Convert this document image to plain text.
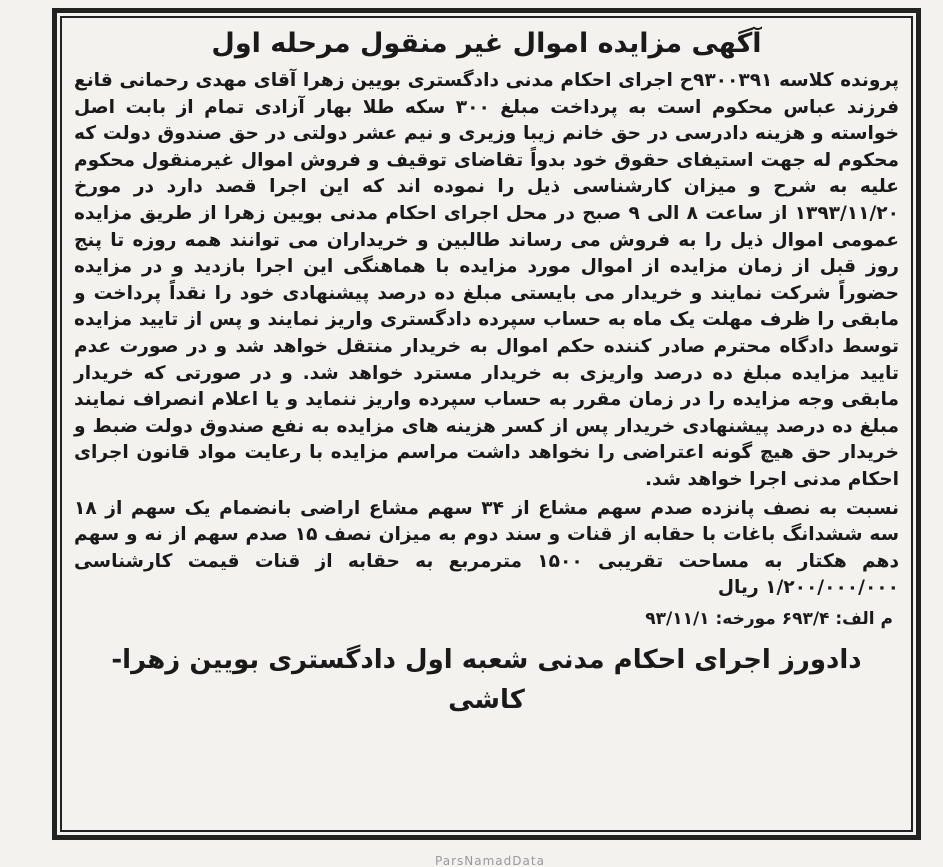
آگهی مزایده اموال غیر منقول مرحله اول

پرونده کلاسه ۹۳۰۰۳۹۱ح اجرای احکام مدنی دادگستری بویین زهرا آقای مهدی رحمانی قانع فرزند عباس محکوم است به پرداخت مبلغ ۳۰۰ سکه طلا بهار آزادی تمام از بابت اصل خواسته و هزینه دادرسی در حق خانم زیبا وزیری و نیم عشر دولتی در حق صندوق دولت که محکوم له جهت استیفای حقوق خود بدواً تقاضای توقیف و فروش اموال غیرمنقول محکوم علیه به شرح و میزان کارشناسی ذیل را نموده اند که این اجرا قصد دارد در مورخ ۱۳۹۳/۱۱/۲۰ از ساعت ۸ الی ۹ صبح در محل اجرای احکام مدنی بویین زهرا از طریق مزایده عمومی اموال ذیل را به فروش می رساند طالبین و خریداران می توانند همه روزه تا پنج روز قبل از زمان مزایده از اموال مورد مزایده با هماهنگی این اجرا بازدید و در مزایده حضوراً شرکت نمایند و خریدار می بایستی مبلغ ده درصد پیشنهادی خود را نقداً پرداخت و مابقی را ظرف مهلت یک ماه به حساب سپرده دادگستری واریز نمایند و پس از تایید مزایده توسط دادگاه محترم صادر کننده حکم اموال به خریدار منتقل خواهد شد و در صورت عدم تایید مزایده مبلغ ده درصد واریزی به خریدار مسترد خواهد شد. و در صورتی که خریدار مابقی وجه مزایده را در زمان مقرر به حساب سپرده واریز ننماید و یا اعلام انصراف نمایند مبلغ ده درصد پیشنهادی خریدار پس از کسر هزینه های مزایده به نفع صندوق دولت ضبط و خریدار حق هیچ گونه اعتراضی را نخواهد داشت مراسم مزایده با رعایت مواد قانون اجرای احکام مدنی اجرا خواهد شد.

نسبت به نصف پانزده صدم سهم مشاع از ۳۴ سهم مشاع اراضی بانضمام یک سهم از ۱۸ سه ششدانگ باغات با حقابه از قنات و سند دوم به میزان نصف ۱۵ صدم سهم از نه و سهم دهم هکتار به مساحت تقریبی ۱۵۰۰ مترمربع به حقابه از قنات قیمت کارشناسی ۱/۲۰۰/۰۰۰/۰۰۰ ریال

م الف: ۶۹۳/۴ مورخه: ۹۳/۱۱/۱
دادورز اجرای احکام مدنی شعبه اول دادگستری بویین زهرا- کاشی
ParsNamadData
